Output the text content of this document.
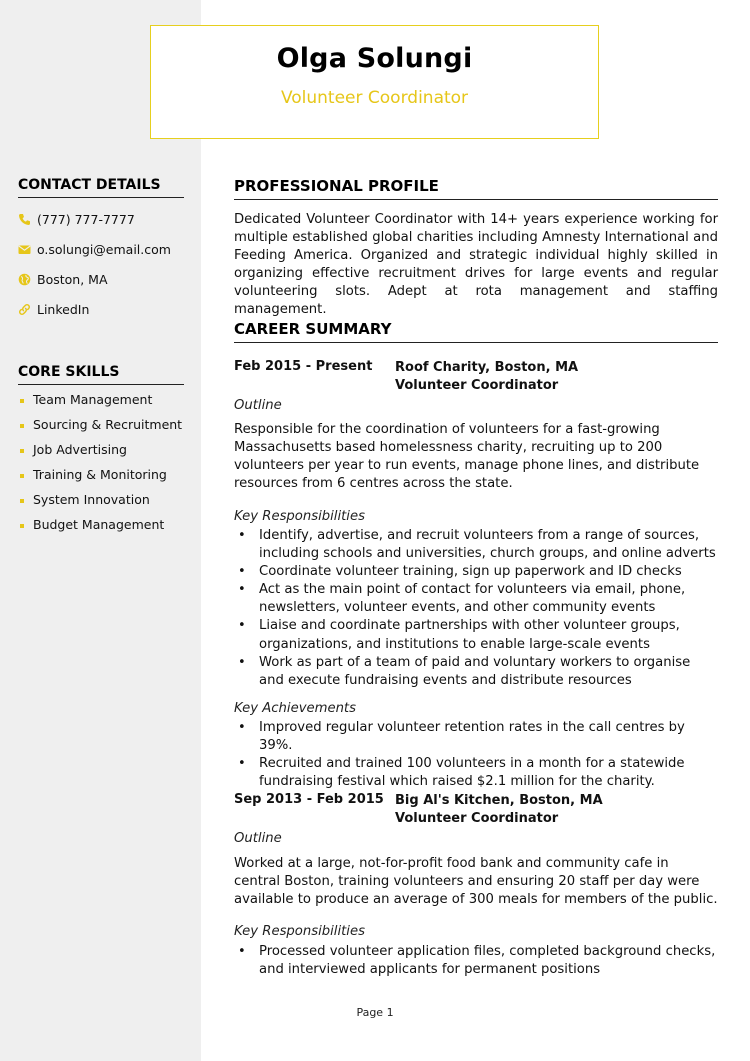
Olga Solungi
Volunteer Coordinator
CONTACT DETAILS
(777) 777-7777
o.solungi@email.com
Boston, MA
LinkedIn
CORE SKILLS
Team Management
Sourcing & Recruitment
Job Advertising
Training & Monitoring
System Innovation
Budget Management
PROFESSIONAL PROFILE
Dedicated Volunteer Coordinator with 14+ years experience working for multiple established global charities including Amnesty International and Feeding America. Organized and strategic individual highly skilled in organizing effective recruitment drives for large events and regular volunteering slots. Adept at rota management and staffing management.
CAREER SUMMARY
Feb 2015 - Present Roof Charity, Boston, MA
Volunteer Coordinator
Outline
Responsible for the coordination of volunteers for a fast-growing Massachusetts based homelessness charity, recruiting up to 200 volunteers per year to run events, manage phone lines, and distribute resources from 6 centres across the state.
Key Responsibilities
• Identify, advertise, and recruit volunteers from a range of sources, including schools and universities, church groups, and online adverts
• Coordinate volunteer training, sign up paperwork and ID checks
• Act as the main point of contact for volunteers via email, phone, newsletters, volunteer events, and other community events
• Liaise and coordinate partnerships with other volunteer groups, organizations, and institutions to enable large-scale events
• Work as part of a team of paid and voluntary workers to organise and execute fundraising events and distribute resources
Key Achievements
• Improved regular volunteer retention rates in the call centres by 39%.
• Recruited and trained 100 volunteers in a month for a statewide fundraising festival which raised $2.1 million for the charity.
Sep 2013 - Feb 2015 Big Al's Kitchen, Boston, MA
Volunteer Coordinator
Outline
Worked at a large, not-for-profit food bank and community cafe in central Boston, training volunteers and ensuring 20 staff per day were available to produce an average of 300 meals for members of the public.
Key Responsibilities
• Processed volunteer application files, completed background checks, and interviewed applicants for permanent positions
Page 1
